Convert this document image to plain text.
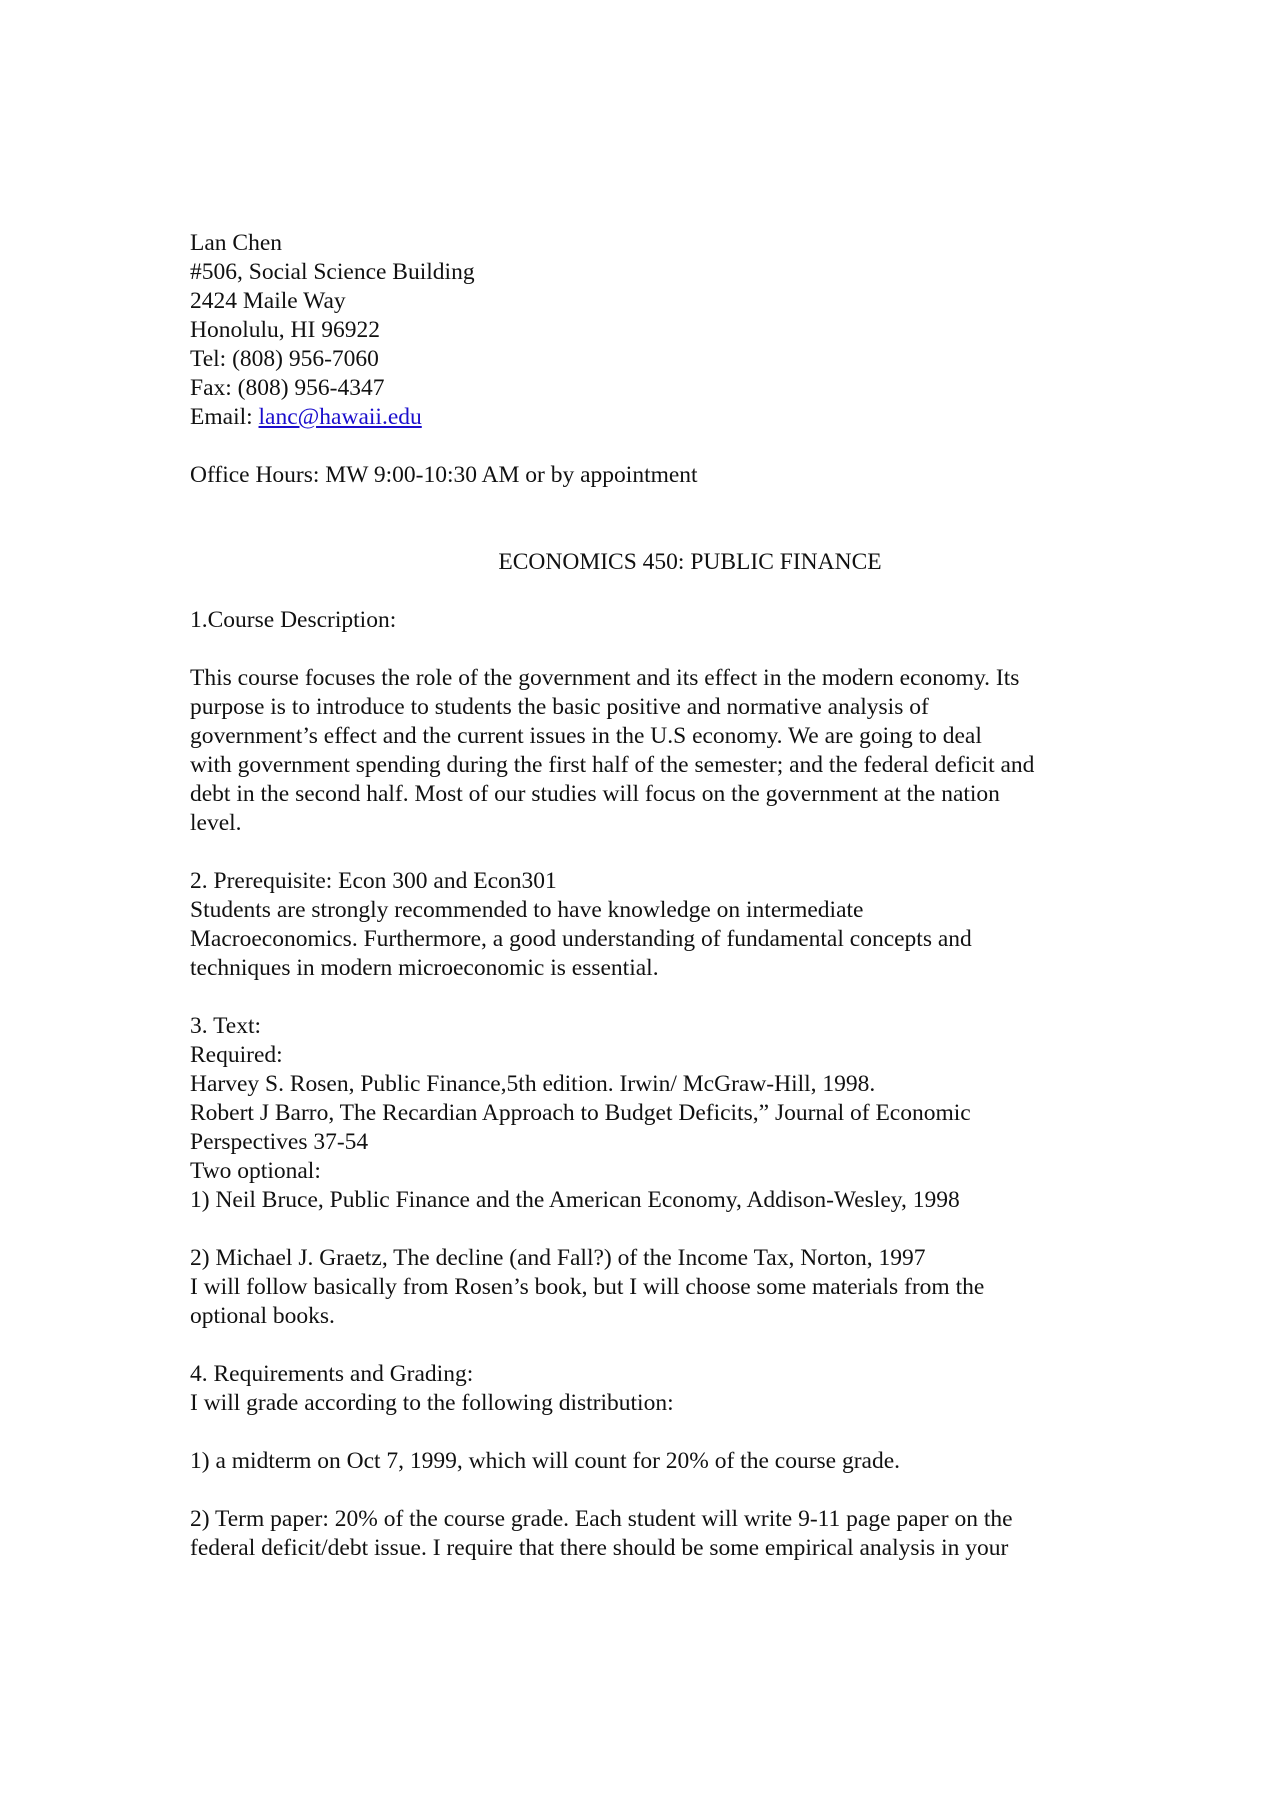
Lan Chen
#506, Social Science Building
2424 Maile Way
Honolulu, HI 96922
Tel: (808) 956-7060
Fax: (808) 956-4347
Email: lanc@hawaii.edu
Office Hours: MW 9:00-10:30 AM or by appointment
ECONOMICS 450: PUBLIC FINANCE
1.Course Description:
This course focuses the role of the government and its effect in the modern economy. Its
purpose is to introduce to students the basic positive and normative analysis of
government’s effect and the current issues in the U.S economy. We are going to deal
with government spending during the first half of the semester; and the federal deficit and
debt in the second half. Most of our studies will focus on the government at the nation
level.
2. Prerequisite: Econ 300 and Econ301
Students are strongly recommended to have knowledge on intermediate
Macroeconomics. Furthermore, a good understanding of fundamental concepts and
techniques in modern microeconomic is essential.
3. Text:
Required:
Harvey S. Rosen, Public Finance,5th edition. Irwin/ McGraw-Hill, 1998.
Robert J Barro, The Recardian Approach to Budget Deficits,” Journal of Economic
Perspectives 37-54
Two optional:
1) Neil Bruce, Public Finance and the American Economy, Addison-Wesley, 1998
2) Michael J. Graetz, The decline (and Fall?) of the Income Tax, Norton, 1997
I will follow basically from Rosen’s book, but I will choose some materials from the
optional books.
4. Requirements and Grading:
I will grade according to the following distribution:
1) a midterm on Oct 7, 1999, which will count for 20% of the course grade.
2) Term paper: 20% of the course grade. Each student will write 9-11 page paper on the
federal deficit/debt issue. I require that there should be some empirical analysis in your
